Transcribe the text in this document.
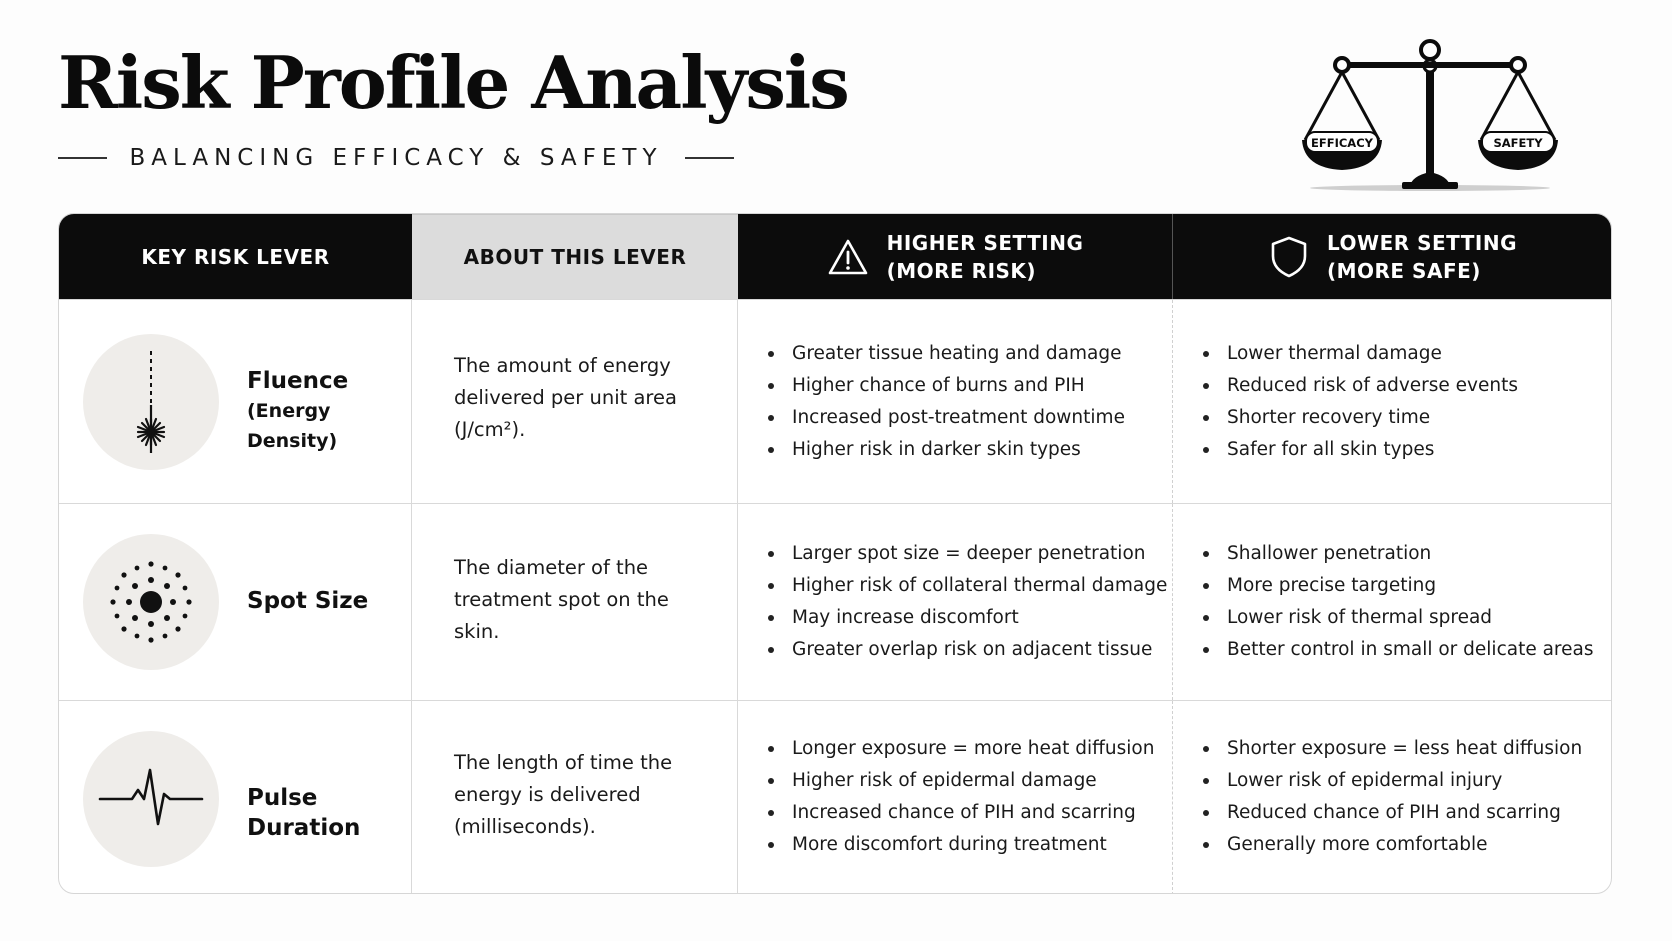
Risk Profile Analysis
BALANCING EFFICACY & SAFETY
EFFICACY	SAFETY
KEY RISK LEVER	ABOUT THIS LEVER
HIGHER SETTING
(MORE RISK)
LOWER SETTING
(MORE SAFE)
Fluence
(Energy Density)
The amount of energy delivered per unit area (J/cm²).
Greater tissue heating and damage
Higher chance of burns and PIH
Increased post-treatment downtime
Higher risk in darker skin types
Lower thermal damage
Reduced risk of adverse events
Shorter recovery time
Safer for all skin types
Spot Size
The diameter of the treatment spot on the skin.
Larger spot size = deeper penetration
Higher risk of collateral thermal damage
May increase discomfort
Greater overlap risk on adjacent tissue
Shallower penetration
More precise targeting
Lower risk of thermal spread
Better control in small or delicate areas
Pulse Duration
The length of time the energy is delivered (milliseconds).
Longer exposure = more heat diffusion
Higher risk of epidermal damage
Increased chance of PIH and scarring
More discomfort during treatment
Shorter exposure = less heat diffusion
Lower risk of epidermal injury
Reduced chance of PIH and scarring
Generally more comfortable
